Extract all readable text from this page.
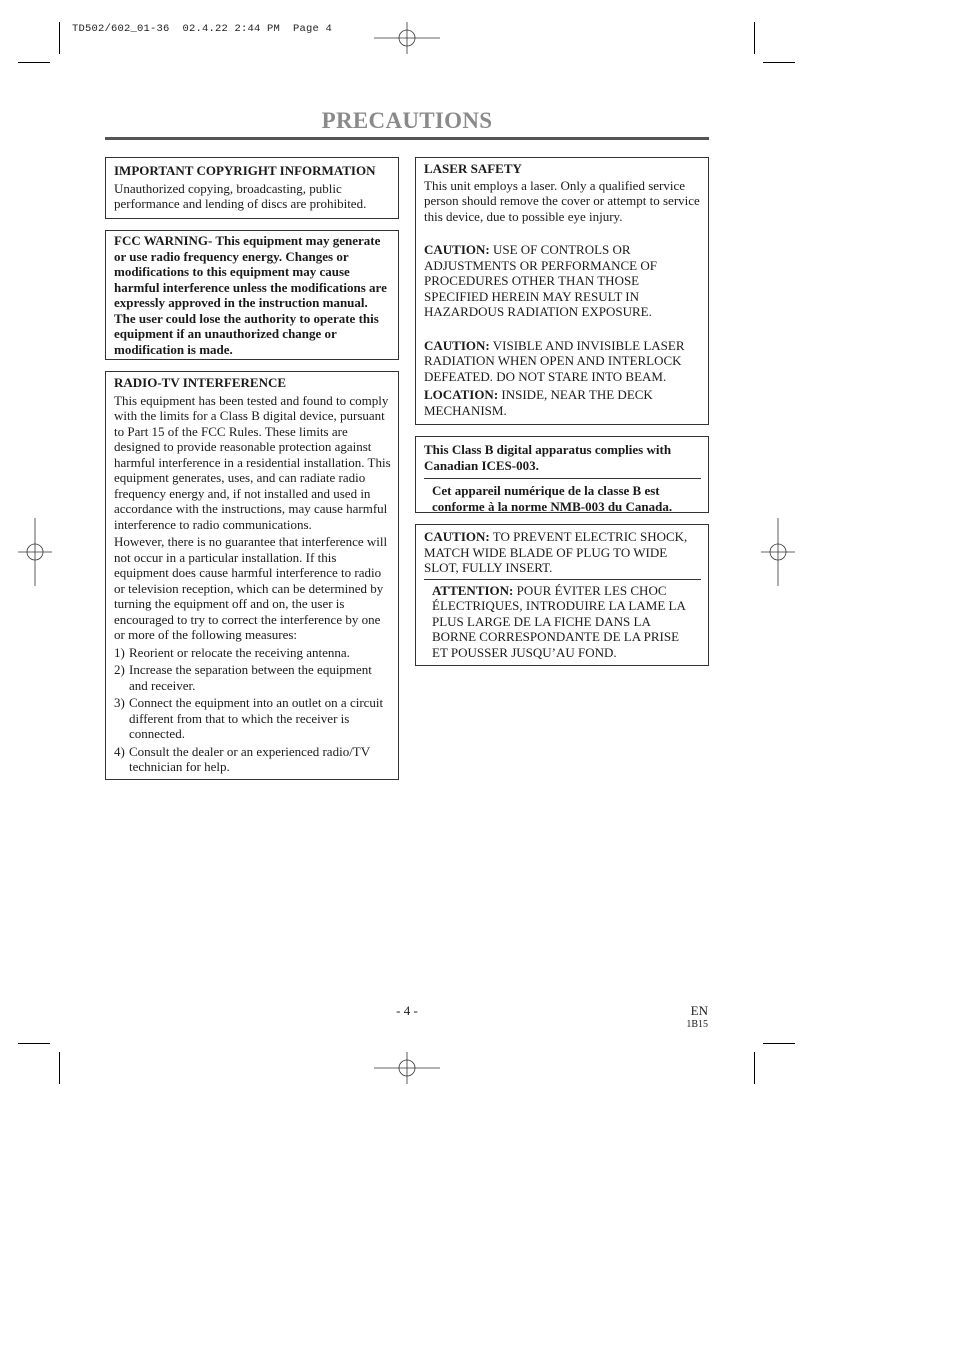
TD502/602_01-36  02.4.22 2:44 PM  Page 4
PRECAUTIONS

IMPORTANT COPYRIGHT INFORMATION

Unauthorized copying, broadcasting, public performance and lending of discs are prohibited.

FCC WARNING- This equipment may generate or use radio frequency energy. Changes or modifications to this equipment may cause harmful interference unless the modifications are expressly approved in the instruction manual. The user could lose the authority to operate this equipment if an unauthorized change or modification is made.

RADIO-TV INTERFERENCE

This equipment has been tested and found to comply with the limits for a Class B digital device, pursuant to Part 15 of the FCC Rules. These limits are designed to provide reasonable protection against harmful interference in a residential installation. This equipment generates, uses, and can radiate radio frequency energy and, if not installed and used in accordance with the instructions, may cause harmful interference to radio communications.

However, there is no guarantee that interference will not occur in a particular installation. If this equipment does cause harmful interference to radio or television reception, which can be determined by turning the equipment off and on, the user is encouraged to try to correct the interference by one or more of the following measures:

1) Reorient or relocate the receiving antenna.
2) Increase the separation between the equipment and receiver.
3) Connect the equipment into an outlet on a circuit different from that to which the receiver is connected.
4) Consult the dealer or an experienced radio/TV technician for help.

LASER SAFETY

This unit employs a laser. Only a qualified service person should remove the cover or attempt to service this device, due to possible eye injury.

CAUTION: USE OF CONTROLS OR ADJUSTMENTS OR PERFORMANCE OF PROCEDURES OTHER THAN THOSE SPECIFIED HEREIN MAY RESULT IN HAZARDOUS RADIATION EXPOSURE.

CAUTION: VISIBLE AND INVISIBLE LASER RADIATION WHEN OPEN AND INTERLOCK DEFEATED. DO NOT STARE INTO BEAM.

LOCATION: INSIDE, NEAR THE DECK MECHANISM.

This Class B digital apparatus complies with Canadian ICES-003.

Cet appareil numérique de la classe B est conforme à la norme NMB-003 du Canada.

CAUTION: TO PREVENT ELECTRIC SHOCK, MATCH WIDE BLADE OF PLUG TO WIDE SLOT, FULLY INSERT.

ATTENTION: POUR ÉVITER LES CHOC ÉLECTRIQUES, INTRODUIRE LA LAME LA PLUS LARGE DE LA FICHE DANS LA BORNE CORRESPONDANTE DE LA PRISE ET POUSSER JUSQU’AU FOND.

- 4 -	EN
1B15
